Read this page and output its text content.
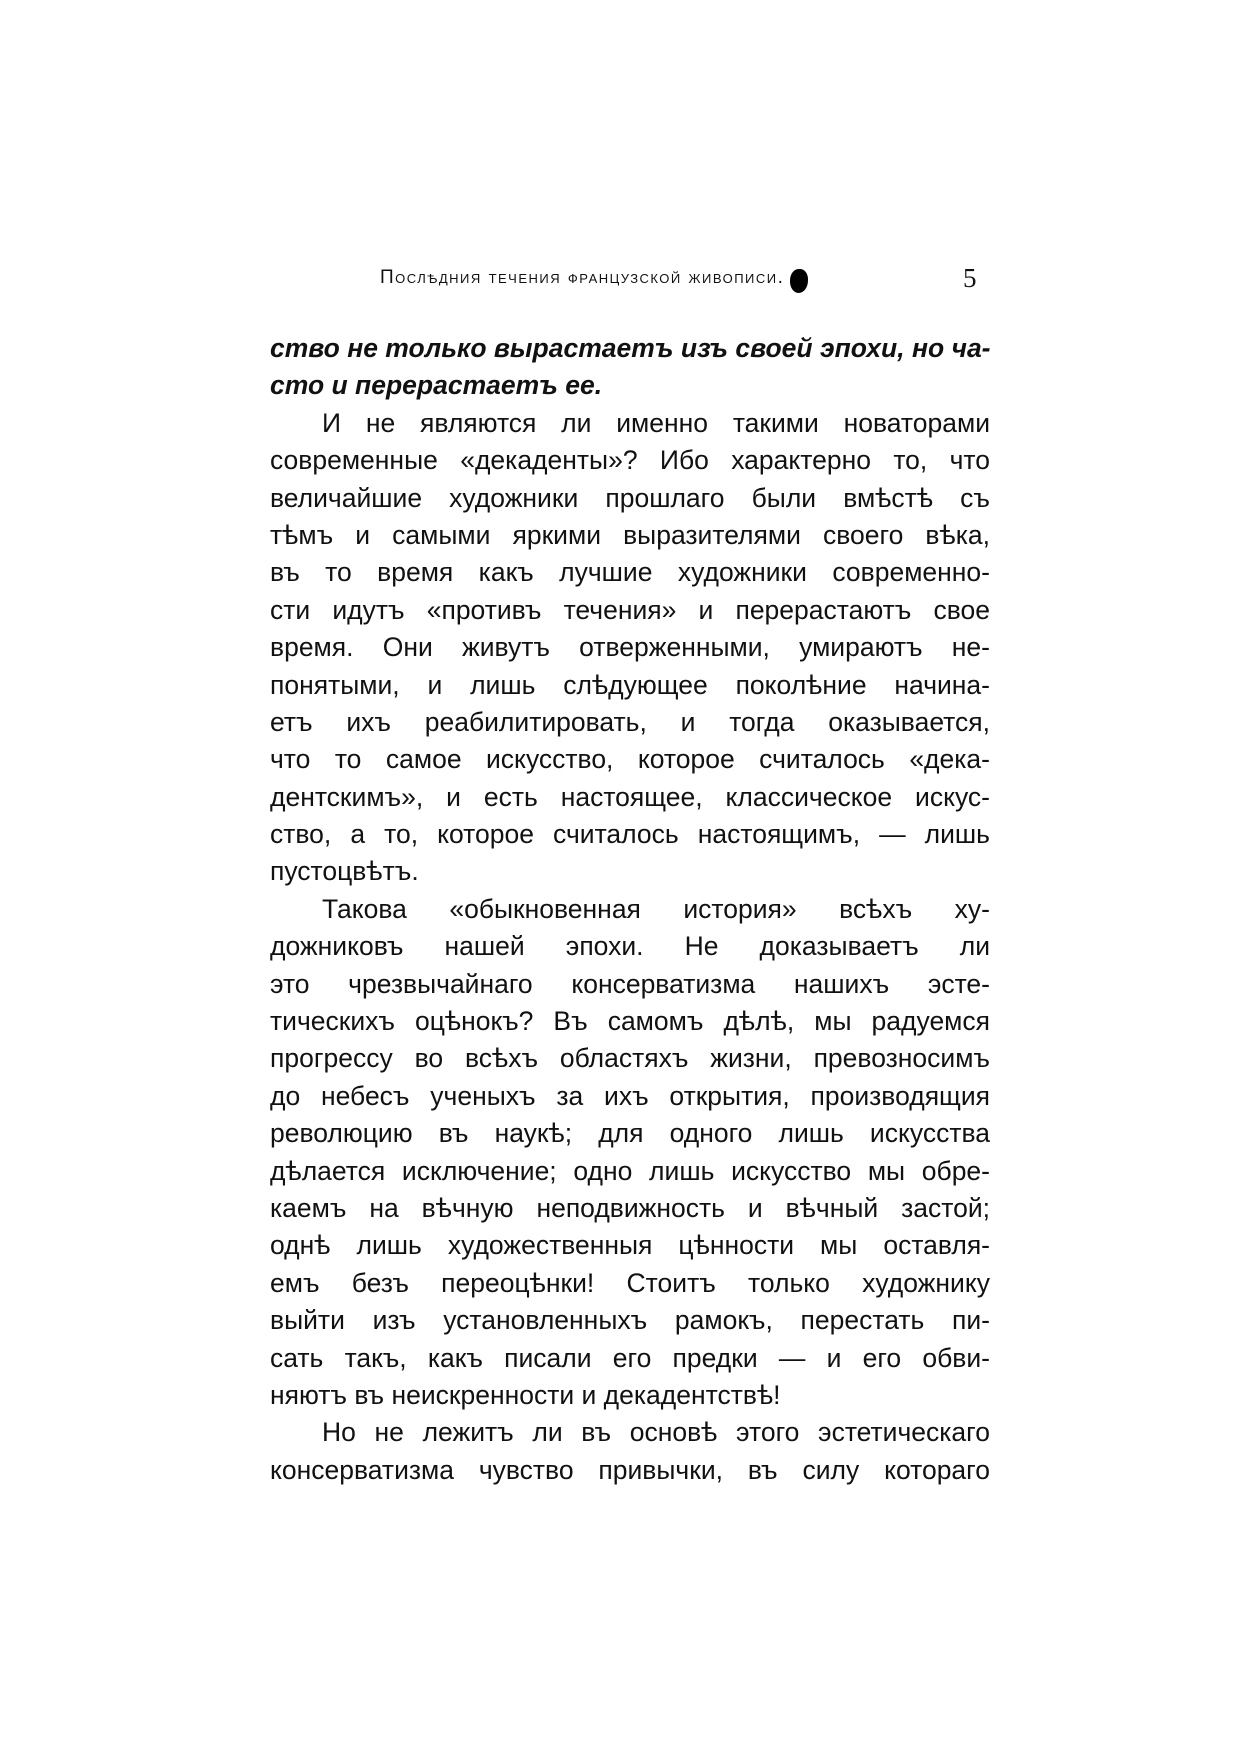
Послѣдния течения французской живописи.	5
ство не только вырастаетъ изъ своей эпохи, но ча-
сто и перерастаетъ ее.
И не являются ли именно такими новаторами
современные «декаденты»? Ибо характерно то, что
величайшие художники прошлаго были вмѣстѣ съ
тѣмъ и самыми яркими выразителями своего вѣка,
въ то время какъ лучшие художники современно-
сти идутъ «противъ течения» и перерастаютъ свое
время. Они живутъ отверженными, умираютъ не-
понятыми, и лишь слѣдующее поколѣние начина-
етъ ихъ реабилитировать, и тогда оказывается,
что то самое искусство, которое считалось «дека-
дентскимъ», и есть настоящее, классическое искус-
ство, а то, которое считалось настоящимъ, — лишь
пустоцвѣтъ.
Такова «обыкновенная история» всѣхъ ху-
дожниковъ нашей эпохи. Не доказываетъ ли
это чрезвычайнаго консерватизма нашихъ эсте-
тическихъ оцѣнокъ? Въ самомъ дѣлѣ, мы радуемся
прогрессу во всѣхъ областяхъ жизни, превозносимъ
до небесъ ученыхъ за ихъ открытия, производящия
революцию въ наукѣ; для одного лишь искусства
дѣлается исключение; одно лишь искусство мы обре-
каемъ на вѣчную неподвижность и вѣчный застой;
однѣ лишь художественныя цѣнности мы оставля-
емъ безъ переоцѣнки! Стоитъ только художнику
выйти изъ установленныхъ рамокъ, перестать пи-
сать такъ, какъ писали его предки — и его обви-
няютъ въ неискренности и декадентствѣ!
Но не лежитъ ли въ основѣ этого эстетическаго
консерватизма чувство привычки, въ силу котораго
